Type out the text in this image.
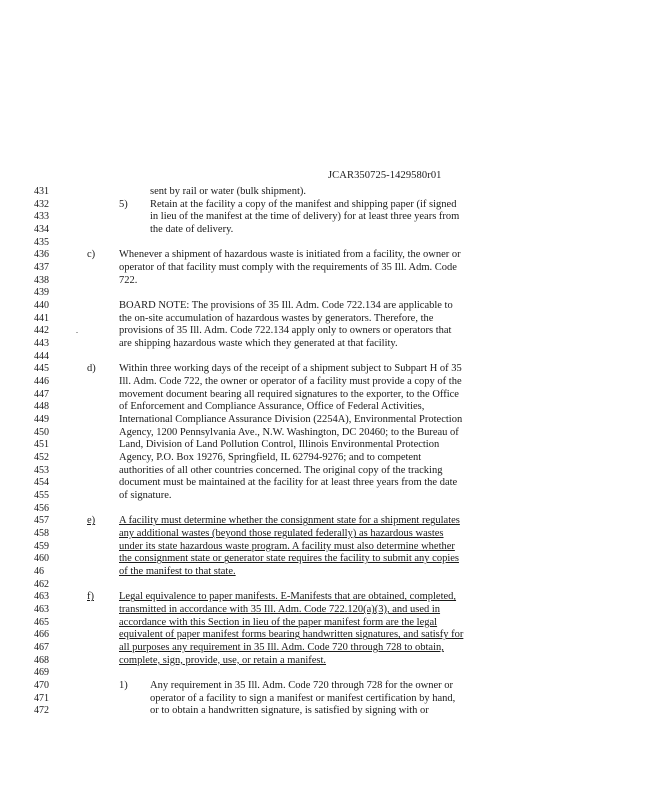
JCAR350725-1429580r01
431	sent by rail or water (bulk shipment).
432	5) Retain at the facility a copy of the manifest and shipping paper (if signed
433	in lieu of the manifest at the time of delivery) for at least three years from
434	the date of delivery.
435
436	c) Whenever a shipment of hazardous waste is initiated from a facility, the owner or
437	operator of that facility must comply with the requirements of 35 Ill. Adm. Code
438	722.
439
440	BOARD NOTE: The provisions of 35 Ill. Adm. Code 722.134 are applicable to
441	the on-site accumulation of hazardous wastes by generators. Therefore, the
442	.	provisions of 35 Ill. Adm. Code 722.134 apply only to owners or operators that
443	are shipping hazardous waste which they generated at that facility.
444
445	d) Within three working days of the receipt of a shipment subject to Subpart H of 35
446	Ill. Adm. Code 722, the owner or operator of a facility must provide a copy of the
447	movement document bearing all required signatures to the exporter, to the Office
448	of Enforcement and Compliance Assurance, Office of Federal Activities,
449	International Compliance Assurance Division (2254A), Environmental Protection
450	Agency, 1200 Pennsylvania Ave., N.W. Washington, DC 20460; to the Bureau of
451	Land, Division of Land Pollution Control, Illinois Environmental Protection
452	Agency, P.O. Box 19276, Springfield, IL 62794-9276; and to competent
453	authorities of all other countries concerned. The original copy of the tracking
454	document must be maintained at the facility for at least three years from the date
455	of signature.
456
457	e) A facility must determine whether the consignment state for a shipment regulates
458	any additional wastes (beyond those regulated federally) as hazardous wastes
459	under its state hazardous waste program. A facility must also determine whether
460	the consignment state or generator state requires the facility to submit any copies
46	of the manifest to that state.
462
463	f) Legal equivalence to paper manifests. E-Manifests that are obtained, completed,
463	transmitted in accordance with 35 Ill. Adm. Code 722.120(a)(3), and used in
465	accordance with this Section in lieu of the paper manifest form are the legal
466	equivalent of paper manifest forms bearing handwritten signatures, and satisfy for
467	all purposes any requirement in 35 Ill. Adm. Code 720 through 728 to obtain,
468	complete, sign, provide, use, or retain a manifest.
469
470	1) Any requirement in 35 Ill. Adm. Code 720 through 728 for the owner or
471	operator of a facility to sign a manifest or manifest certification by hand,
472	or to obtain a handwritten signature, is satisfied by signing with or
